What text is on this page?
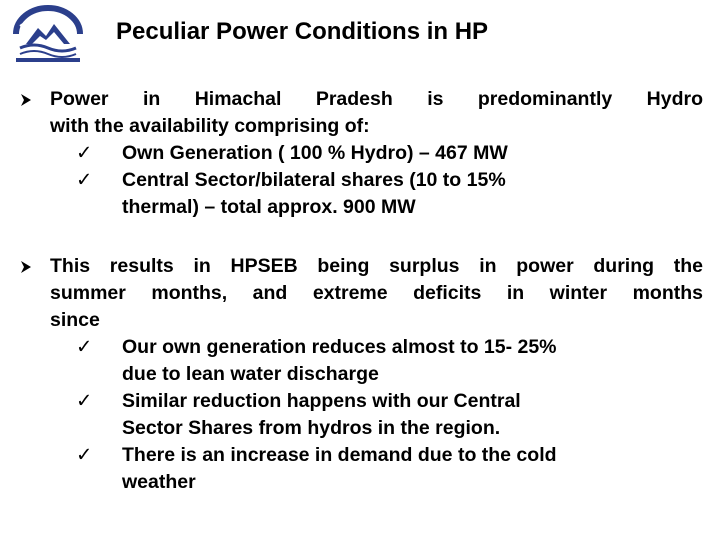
Peculiar Power Conditions in HP

Power in Himachal Pradesh is predominantly Hydro

with the availability comprising of:

✓	Own Generation ( 100 % Hydro) – 467 MW

✓	Central Sector/bilateral shares (10 to 15%

thermal) – total approx. 900 MW

This results in HPSEB being surplus in power during the

summer months, and extreme deficits in winter months

since

✓	Our own generation reduces almost to 15- 25%

due to lean water discharge

✓	Similar reduction happens with our Central

Sector Shares from hydros in the region.

✓	There is an increase in demand due to the cold

weather
